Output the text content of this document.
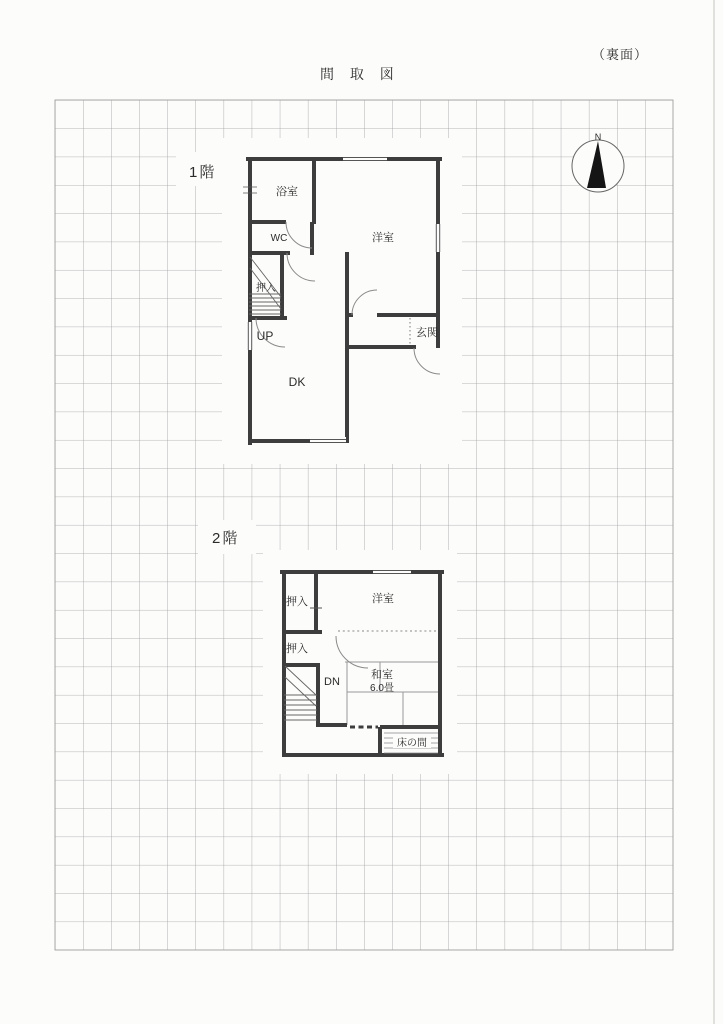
（裏面）
間 取 図
1階
浴室
WC	洋室
押入
UP
DK
玄関
2階
押入	洋室
押入
DN
和室
6.0畳
床の間
N
